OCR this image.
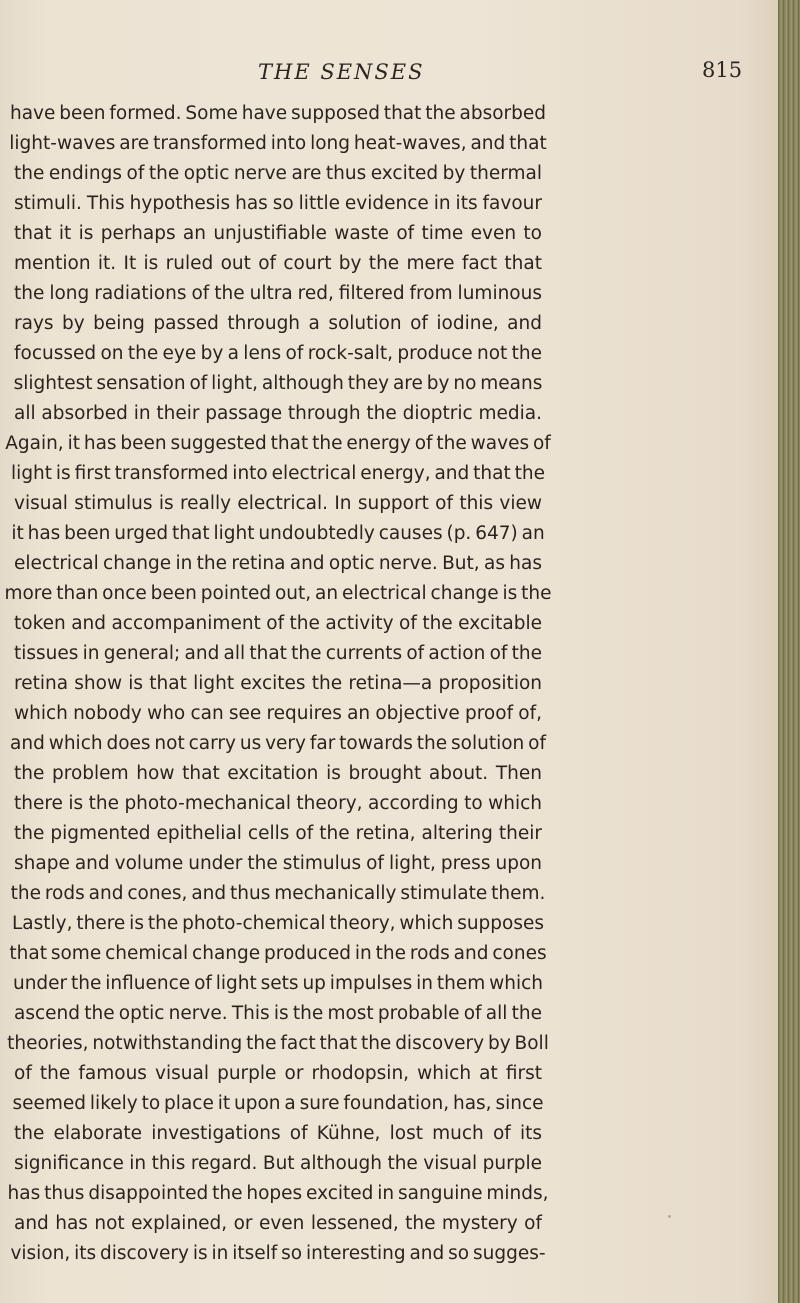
THE SENSES	815
have been formed. Some have supposed that the absorbed
light-waves are transformed into long heat-waves, and that
the endings of the optic nerve are thus excited by thermal
stimuli. This hypothesis has so little evidence in its favour
that it is perhaps an unjustifiable waste of time even to
mention it. It is ruled out of court by the mere fact that
the long radiations of the ultra red, filtered from luminous
rays by being passed through a solution of iodine, and
focussed on the eye by a lens of rock-salt, produce not the
slightest sensation of light, although they are by no means
all absorbed in their passage through the dioptric media.
Again, it has been suggested that the energy of the waves of
light is first transformed into electrical energy, and that the
visual stimulus is really electrical. In support of this view
it has been urged that light undoubtedly causes (p. 647) an
electrical change in the retina and optic nerve. But, as has
more than once been pointed out, an electrical change is the
token and accompaniment of the activity of the excitable
tissues in general; and all that the currents of action of the
retina show is that light excites the retina—a proposition
which nobody who can see requires an objective proof of,
and which does not carry us very far towards the solution of
the problem how that excitation is brought about. Then
there is the photo-mechanical theory, according to which
the pigmented epithelial cells of the retina, altering their
shape and volume under the stimulus of light, press upon
the rods and cones, and thus mechanically stimulate them.
Lastly, there is the photo-chemical theory, which supposes
that some chemical change produced in the rods and cones
under the influence of light sets up impulses in them which
ascend the optic nerve. This is the most probable of all the
theories, notwithstanding the fact that the discovery by Boll
of the famous visual purple or rhodopsin, which at first
seemed likely to place it upon a sure foundation, has, since
the elaborate investigations of Kühne, lost much of its
significance in this regard. But although the visual purple
has thus disappointed the hopes excited in sanguine minds,
and has not explained, or even lessened, the mystery of
vision, its discovery is in itself so interesting and so sugges-
